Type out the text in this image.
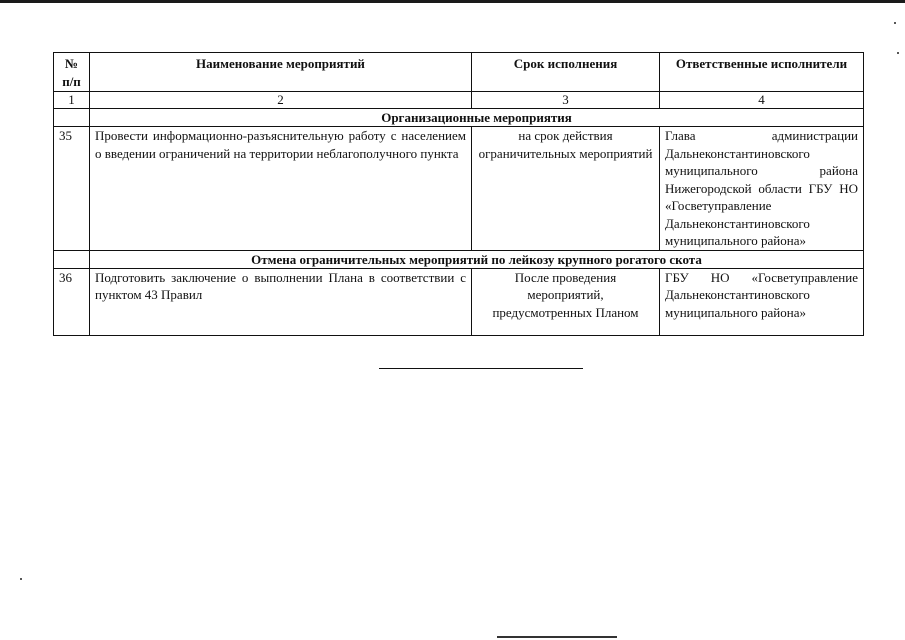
№ п/п	Наименование мероприятий	Срок исполнения	Ответственные исполнители
1	2	3	4
	Организационные мероприятия		
35	Провести информационно-разъяснительную работу с населением о введении ограничений на территории неблагополучного пункта	на срок действия ограничительных мероприятий	Глава администрации Дальнеконстантиновского муниципального района Нижегородской области ГБУ НО «Госветуправление Дальнеконстантиновского муниципального района»
	Отмена ограничительных мероприятий по лейкозу крупного рогатого скота		
36	Подготовить заключение о выполнении Плана в соответствии с пунктом 43 Правил	После проведения мероприятий, предусмотренных Планом	ГБУ НО «Госветуправление Дальнеконстантиновского муниципального района»
